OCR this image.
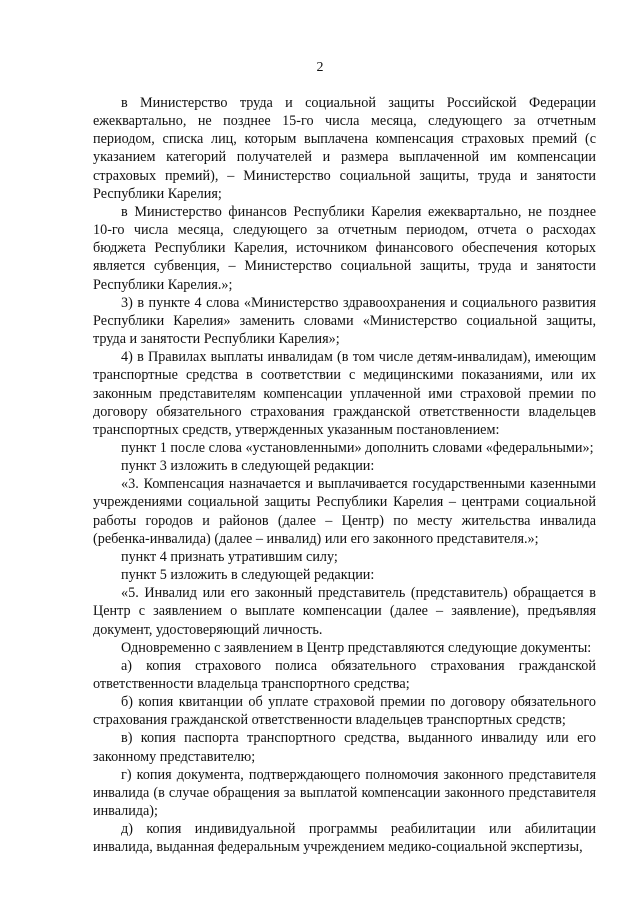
2

в Министерство труда и социальной защиты Российской Федерации ежеквартально, не позднее 15-го числа месяца, следующего за отчетным периодом, списка лиц, которым выплачена компенсация страховых премий (с указанием категорий получателей и размера выплаченной им компенсации страховых премий), – Министерство социальной защиты, труда и занятости Республики Карелия;

в Министерство финансов Республики Карелия ежеквартально, не позднее 10-го числа месяца, следующего за отчетным периодом, отчета о расходах бюджета Республики Карелия, источником финансового обеспечения которых является субвенция, – Министерство социальной защиты, труда и занятости Республики Карелия.»;

3) в пункте 4 слова «Министерство здравоохранения и социального развития Республики Карелия» заменить словами «Министерство социальной защиты, труда и занятости Республики Карелия»;

4) в Правилах выплаты инвалидам (в том числе детям-инвалидам), имеющим транспортные средства в соответствии с медицинскими показаниями, или их законным представителям компенсации уплаченной ими страховой премии по договору обязательного страхования гражданской ответственности владельцев транспортных средств, утвержденных указанным постановлением:

пункт 1 после слова «установленными» дополнить словами «федеральными»;

пункт 3 изложить в следующей редакции:

«3. Компенсация назначается и выплачивается государственными казенными учреждениями социальной защиты Республики Карелия – центрами социальной работы городов и районов (далее – Центр) по месту жительства инвалида (ребенка-инвалида) (далее – инвалид) или его законного представителя.»;

пункт 4 признать утратившим силу;

пункт 5 изложить в следующей редакции:

«5. Инвалид или его законный представитель (представитель) обращается в Центр с заявлением о выплате компенсации (далее – заявление), предъявляя документ, удостоверяющий личность.

Одновременно с заявлением в Центр представляются следующие документы:

а) копия страхового полиса обязательного страхования гражданской ответственности владельца транспортного средства;

б) копия квитанции об уплате страховой премии по договору обязательного страхования гражданской ответственности владельцев транспортных средств;

в) копия паспорта транспортного средства, выданного инвалиду или его законному представителю;

г) копия документа, подтверждающего полномочия законного представителя инвалида (в случае обращения за выплатой компенсации законного представителя инвалида);

д) копия индивидуальной программы реабилитации или абилитации инвалида, выданная федеральным учреждением медико-социальной экспертизы,
